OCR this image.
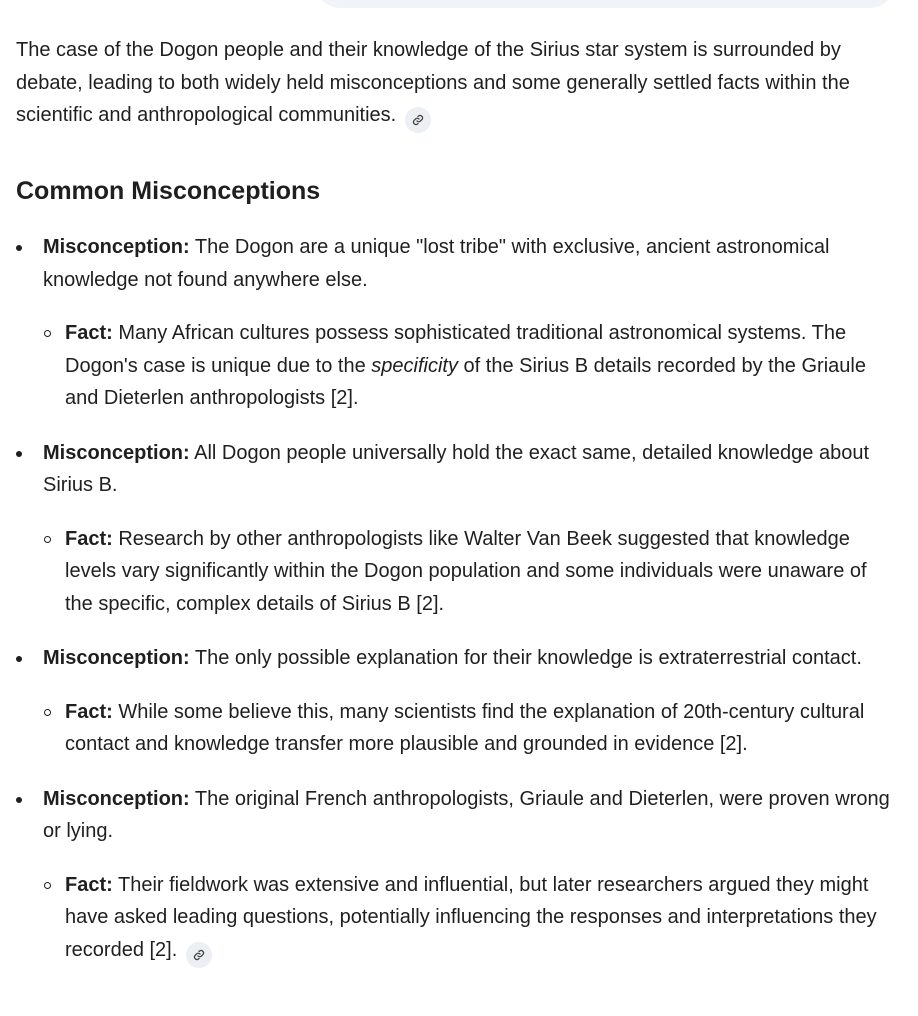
The case of the Dogon people and their knowledge of the Sirius star system is surrounded by debate, leading to both widely held misconceptions and some generally settled facts within the scientific and anthropological communities.

Common Misconceptions
Misconception: The Dogon are a unique "lost tribe" with exclusive, ancient astronomical knowledge not found anywhere else.
Fact: Many African cultures possess sophisticated traditional astronomical systems. The Dogon's case is unique due to the specificity of the Sirius B details recorded by the Griaule and Dieterlen anthropologists [2].
Misconception: All Dogon people universally hold the exact same, detailed knowledge about Sirius B.
Fact: Research by other anthropologists like Walter Van Beek suggested that knowledge levels vary significantly within the Dogon population and some individuals were unaware of the specific, complex details of Sirius B [2].
Misconception: The only possible explanation for their knowledge is extraterrestrial contact.
Fact: While some believe this, many scientists find the explanation of 20th-century cultural contact and knowledge transfer more plausible and grounded in evidence [2].
Misconception: The original French anthropologists, Griaule and Dieterlen, were proven wrong or lying.
Fact: Their fieldwork was extensive and influential, but later researchers argued they might have asked leading questions, potentially influencing the responses and interpretations they recorded [2].
